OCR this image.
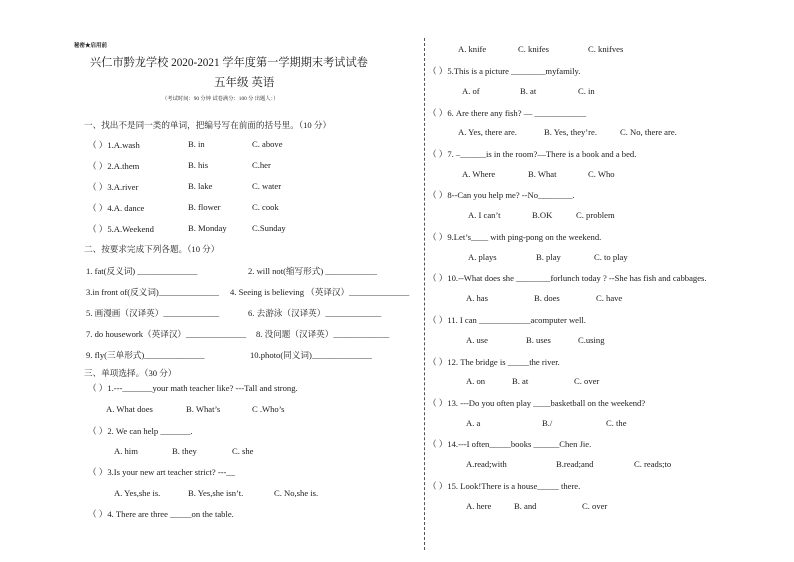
秘密★启用前
兴仁市黔龙学校 2020-2021 学年度第一学期期末考试试卷
五年级 英语
（考试时间：90 分钟 试卷满分：100 分 出题人：）
一、找出不是同一类的单词，把编号写在前面的括号里。（10 分）
（ ）1.A.wash	B. in	C. above
（ ）2.A.them	B. his	C.her
（ ）3.A.river	B. lake	C. water
（ ）4.A. dance	B. flower	C. cook
（ ）5.A.Weekend	B. Monday	C.Sunday
二、按要求完成下列各题。（10 分）
1. fat(反义词) ______________	2. will not(缩写形式) ____________
3.in front of(反义词)______________ 4. Seeing is believing （英译汉）______________
5. 画漫画（汉译英）_____________	6. 去游泳（汉译英）_____________
7. do housework（英译汉）______________ 8. 没问题（汉译英）_____________
9. fly(三单形式)______________	10.photo(同义词)______________
三、单项选择。（30 分）
（ ）1.---_______your math teacher like? ---Tall and strong.
A. What does	B. What’s	C .Who’s
（ ）2. We can help _______.
A. him	B. they	C. she
（ ）3.Is your new art teacher strict? ---__
A. Yes,she is.	B. Yes,she isn’t.	C. No,she is.
（ ）4. There are three _____on the table.
A. knife	C. knifes	C. knifves
（ ）5.This is a picture ________myfamily.
A. of	B. at	C. in
（ ）6. Are there any fish? — ____________
A. Yes, there are.	B. Yes, they’re.	C. No, there are.
（ ）7. –______is in the room?—There is a book and a bed.
A. Where	B. What	C. Who
（ ）8--Can you help me? --No________.
A. I can’t	B.OK	C. problem
（ ）9.Let’s____ with ping-pong on the weekend.
A. plays	B. play	C. to play
（ ）10.--What does she ________forlunch today ? --She has fish and cabbages.
A. has	B. does	C. have
（ ）11. I can ____________acomputer well.
A. use	B. uses	C.using
（ ）12. The bridge is _____the river.
A. on	B. at	C. over
（ ）13. ---Do you often play ____basketball on the weekend?
A. a	B./	C. the
（ ）14.---I often_____books ______Chen Jie.
A.read;with	B.read;and	C. reads;to
（ ）15. Look!There is a house_____ there.
A. here	B. and	C. over
